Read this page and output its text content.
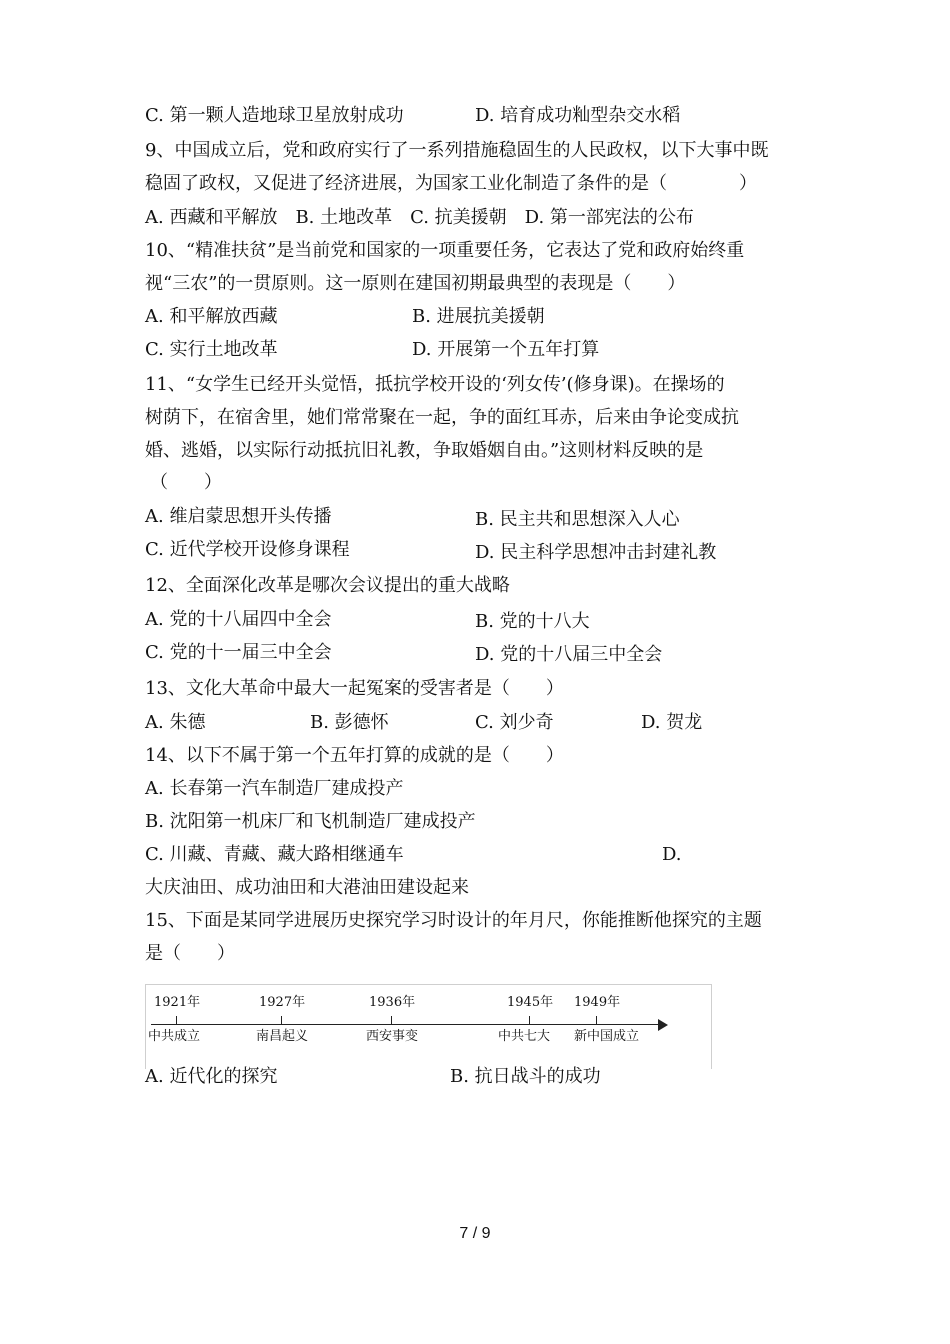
C. 第一颗人造地球卫星放射成功	D. 培育成功籼型杂交水稻
9、中国成立后，党和政府实行了一系列措施稳固生的人民政权，以下大事中既
稳固了政权，又促进了经济进展，为国家工业化制造了条件的是（　　　　）
A. 西藏和平解放　B. 土地改革　C. 抗美援朝　D. 第一部宪法的公布
10、“精准扶贫”是当前党和国家的一项重要任务，它表达了党和政府始终重
视“三农”的一贯原则。这一原则在建国初期最典型的表现是（　　）
A. 和平解放西藏	B. 进展抗美援朝
C. 实行土地改革	D. 开展第一个五年打算
11、“女学生已经开头觉悟，抵抗学校开设的‘列女传’(修身课)。在操场的
树荫下，在宿舍里，她们常常聚在一起，争的面红耳赤，后来由争论变成抗
婚、逃婚，以实际行动抵抗旧礼教，争取婚姻自由。”这则材料反映的是
（　　）
A. 维启蒙思想开头传播	B. 民主共和思想深入人心
C. 近代学校开设修身课程	D. 民主科学思想冲击封建礼教
12、全面深化改革是哪次会议提出的重大战略
A. 党的十八届四中全会	B. 党的十八大
C. 党的十一届三中全会	D. 党的十八届三中全会
13、文化大革命中最大一起冤案的受害者是（　　）
A. 朱德	B. 彭德怀	C. 刘少奇	D. 贺龙
14、以下不属于第一个五年打算的成就的是（　　）
A. 长春第一汽车制造厂建成投产
B. 沈阳第一机床厂和飞机制造厂建成投产
C. 川藏、青藏、藏大路相继通车	D.
大庆油田、成功油田和大港油田建设起来
15、下面是某同学进展历史探究学习时设计的年月尺，你能推断他探究的主题
是（　　）
1921年
中共成立
1927年
南昌起义
1936年
西安事变
1945年
中共七大
1949年
新中国成立
A. 近代化的探究	B. 抗日战斗的成功
7 / 9
